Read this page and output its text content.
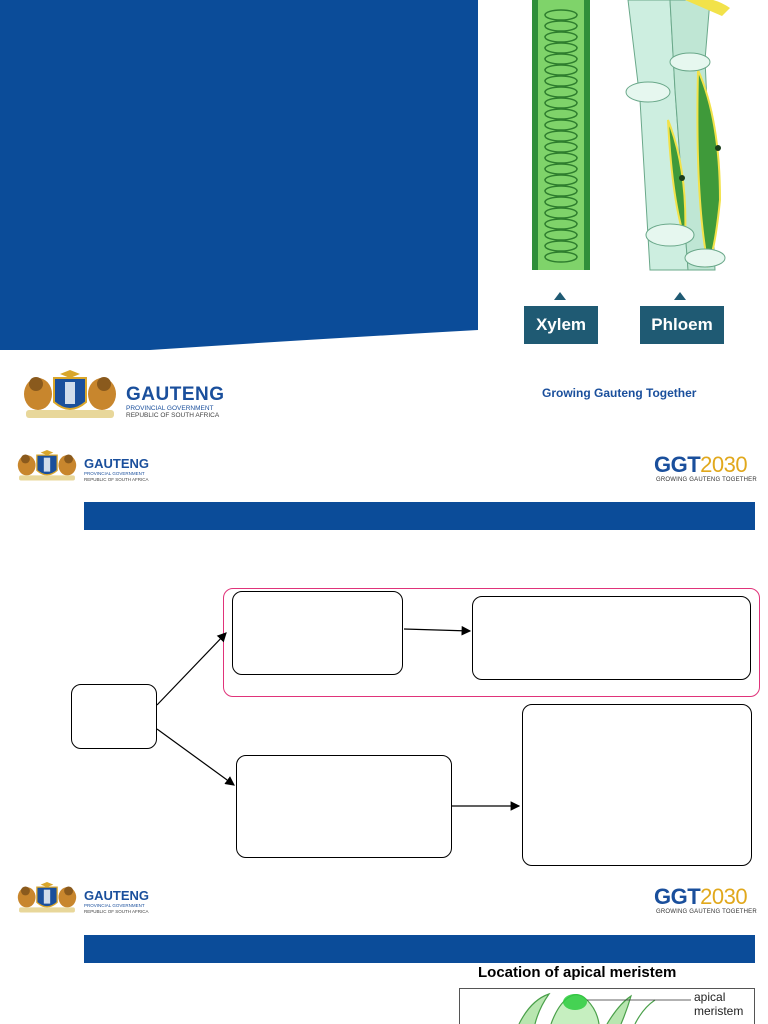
Xylem	Phloem
GAUTENG
PROVINCIAL GOVERNMENT
REPUBLIC OF SOUTH AFRICA
Growing Gauteng Together
GAUTENG
PROVINCIAL GOVERNMENT
REPUBLIC OF SOUTH AFRICA
GGT2030
GROWING GAUTENG TOGETHER
GAUTENG
PROVINCIAL GOVERNMENT
REPUBLIC OF SOUTH AFRICA
GGT2030
GROWING GAUTENG TOGETHER
Location of apical meristem
apical
meristem
